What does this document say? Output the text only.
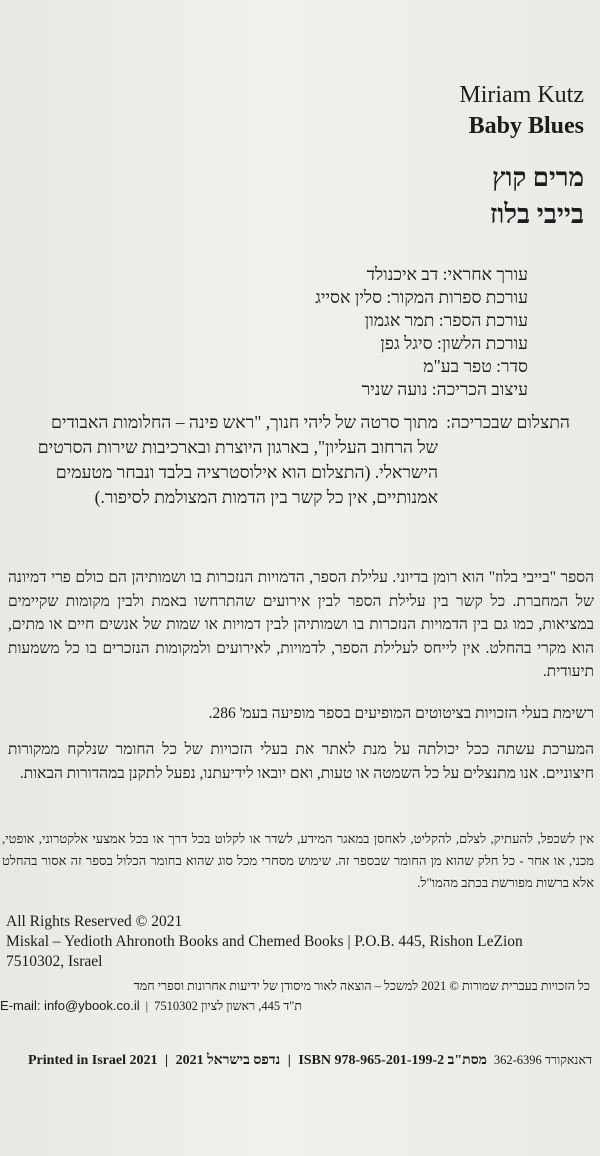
Miriam Kutz
Baby Blues
מרים קוץ
בייבי בלוז
עורך אחראי: דב איכנולד
עורכת ספרות המקור: סלין אסייג
עורכת הספר: תמר אגמון
עורכת הלשון: סיגל גפן
סדר: טפר בע"מ
עיצוב הכריכה: נועה שניר
התצלום שבכריכה:
מתוך סרטה של ליהי חנוך, "ראש פינה – החלומות האבודים
של הרחוב העליון", בארגון היוצרת ובארכיבות שירות הסרטים
הישראלי. (התצלום הוא אילוסטרציה בלבד ונבחר מטעמים
אמנותיים, אין כל קשר בין הדמות המצולמת לסיפור.)
הספר "בייבי בלוז" הוא רומן בדיוני. עלילת הספר, הדמויות הנזכרות בו ושמותיהן הם כולם פרי דמיונה של המחברת. כל קשר בין עלילת הספר לבין אירועים שהתרחשו באמת ולבין מקומות שקיימים במציאות, כמו גם בין הדמויות הנזכרות בו ושמותיהן לבין דמויות או שמות של אנשים חיים או מתים, הוא מקרי בהחלט. אין לייחס לעלילת הספר, לדמויות, לאירועים ולמקומות הנזכרים בו כל משמעות תיעודית.
רשימת בעלי הזכויות בציטוטים המופיעים בספר מופיעה בעמ' 286.
המערכת עשתה ככל יכולתה על מנת לאתר את בעלי הזכויות של כל החומר שנלקח ממקורות חיצוניים. אנו מתנצלים על כל השמטה או טעות, ואם יובאו לידיעתנו, נפעל לתקנן במהדורות הבאות.
אין לשכפל, להעתיק, לצלם, להקליט, לאחסן במאגר המידע, לשדר או לקלוט בכל דרך או בכל אמצעי אלקטרוני, אופטי, מכני, או אחר - כל חלק שהוא מן החומר שבספר זה. שימוש מסחרי מכל סוג שהוא בחומר הכלול בספר זה אסור בהחלט אלא ברשות מפורשת בכתב מהמו"ל.
All Rights Reserved © 2021
Miskal – Yedioth Ahronoth Books and Chemed Books | P.O.B. 445, Rishon LeZion
7510302, Israel
כל הזכויות בעברית שמורות © 2021 למשכל – הוצאה לאור מיסודן של ידיעות אחרונות וספרי חמד
ת"ד 445, ראשון לציון 7510302
|
E-mail: info@ybook.co.il
Printed in Israel 2021 | נדפס בישראל 2021 | ISBN 978-965-201-199-2 מסת"ב	דאנאקורד 362-6396
